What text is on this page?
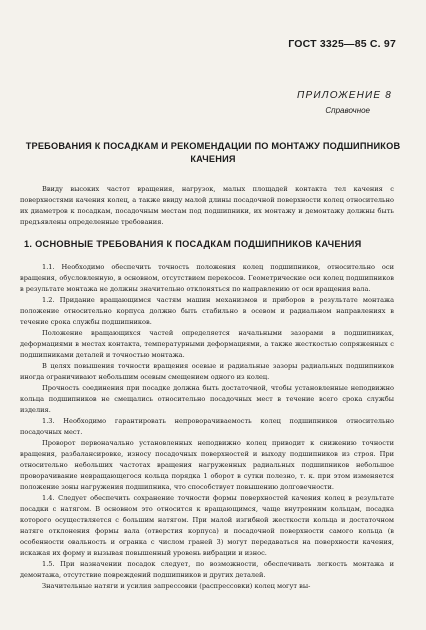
ГОСТ 3325—85 С. 97
ПРИЛОЖЕНИЕ 8
Справочное
ТРЕБОВАНИЯ К ПОСАДКАМ И РЕКОМЕНДАЦИИ ПО МОНТАЖУ ПОДШИПНИКОВ КАЧЕНИЯ

Ввиду высоких частот вращения, нагрузок, малых площадей контакта тел качения с поверхностями качения колец, а также ввиду малой длины посадочной поверхности колец относительно их диаметров к посадкам, посадочным местам под подшипники, их монтажу и демонтажу должны быть предъявлены определенные требования.

1. ОСНОВНЫЕ ТРЕБОВАНИЯ К ПОСАДКАМ ПОДШИПНИКОВ КАЧЕНИЯ

1.1. Необходимо обеспечить точность положения колец подшипников, относительно оси вращения, обусловленную, в основном, отсутствием перекосов. Геометрические оси колец подшипников в результате монтажа не должны значительно отклоняться по направлению от оси вращения вала.

1.2. Придание вращающимся частям машин механизмов и приборов в результате монтажа положение относительно корпуса должно быть стабильно в осевом и радиальном направлениях в течение срока службы подшипников.

Положение вращающихся частей определяется начальными зазорами в подшипниках, деформациями в местах контакта, температурными деформациями, а также жесткостью сопряженных с подшипниками деталей и точностью монтажа.

В целях повышения точности вращения осевые и радиальные зазоры радиальных подшипников иногда ограничивают небольшим осевым смещением одного из колец.

Прочность соединения при посадке должна быть достаточной, чтобы установленные неподвижно кольца подшипников не смещались относительно посадочных мест в течение всего срока службы изделия.

1.3. Необходимо гарантировать непроворачиваемость колец подшипников относительно посадочных мест.

Проворот первоначально установленных неподвижно колец приводит к снижению точности вращения, разбалансировке, износу посадочных поверхностей и выходу подшипников из строя. При относительно небольших частотах вращения нагруженных радиальных подшипников небольшое проворачивание невращающегося кольца порядка 1 оборот в сутки полезно, т. к. при этом изменяется положение зоны нагружения подшипника, что способствует повышению долговечности.

1.4. Следует обеспечить сохранение точности формы поверхностей качения колец в результате посадки с натягом. В основном это относится к вращающимся, чаще внутренним кольцам, посадка которого осуществляется с большим натягом. При малой изгибной жесткости кольца и достаточном натяге отклонения формы вала (отверстия корпуса) и посадочной поверхности самого кольца (в особенности овальность и огранка с числом граней 3) могут передаваться на поверхности качения, искажая их форму и вызывая повышенный уровень вибрации и износ.

1.5. При назначении посадок следует, по возможности, обеспечивать легкость монтажа и демонтажа, отсутствие повреждений подшипников и других деталей.

Значительные натяги и усилия запрессовки (распрессовки) колец могут вы-
